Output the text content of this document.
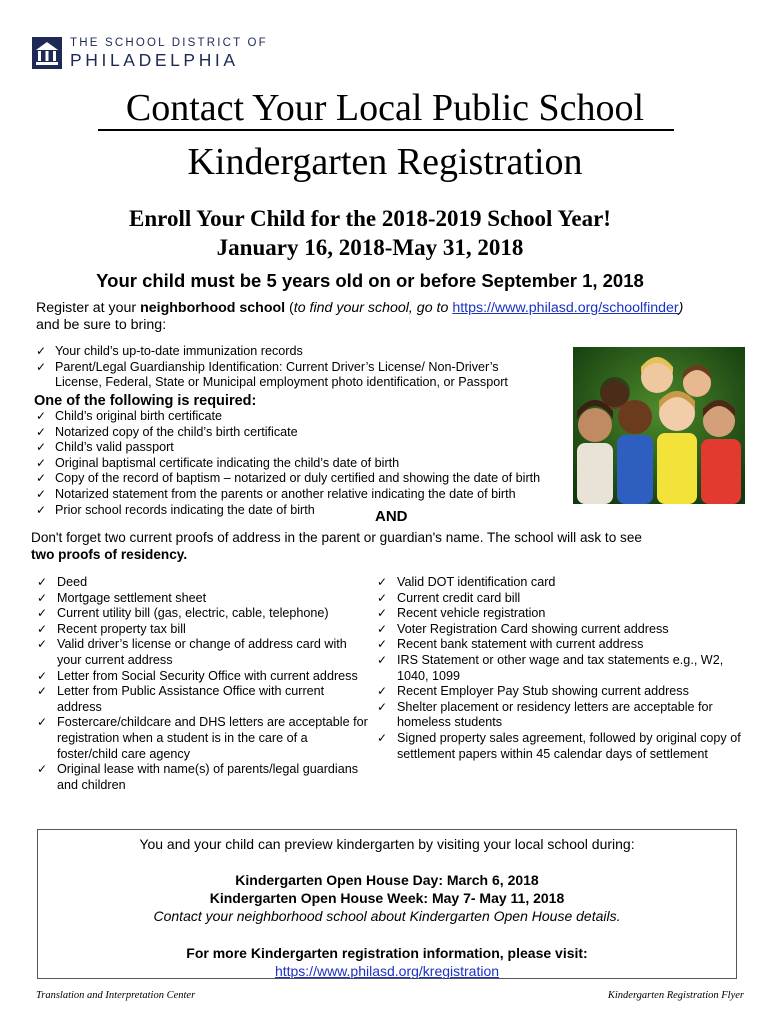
THE SCHOOL DISTRICT OF
PHILADELPHIA
Contact Your Local Public School
Kindergarten Registration
Enroll Your Child for the 2018-2019 School Year!
January 16, 2018-May 31, 2018
Your child must be 5 years old on or before September 1, 2018
Register at your neighborhood school (to find your school, go to https://www.philasd.org/schoolfinder)
and be sure to bring:
✓ Your child’s up-to-date immunization records
✓ Parent/Legal Guardianship Identification: Current Driver’s License/ Non-Driver’s
License, Federal, State or Municipal employment photo identification, or Passport
One of the following is required:
✓ Child’s original birth certificate
✓ Notarized copy of the child’s birth certificate
✓ Child’s valid passport
✓ Original baptismal certificate indicating the child’s date of birth
✓ Copy of the record of baptism – notarized or duly certified and showing the date of birth
✓ Notarized statement from the parents or another relative indicating the date of birth
✓ Prior school records indicating the date of birth	AND
Don't forget two current proofs of address in the parent or guardian's name. The school will ask to see
two proofs of residency.
✓ Deed
✓ Mortgage settlement sheet
✓ Current utility bill (gas, electric, cable, telephone)
✓ Recent property tax bill
✓ Valid driver’s license or change of address card with your current address
✓ Letter from Social Security Office with current address
✓ Letter from Public Assistance Office with current address
✓ Fostercare/childcare and DHS letters are acceptable for registration when a student is in the care of a foster/child care agency
✓ Original lease with name(s) of parents/legal guardians and children
✓ Valid DOT identification card
✓ Current credit card bill
✓ Recent vehicle registration
✓ Voter Registration Card showing current address
✓ Recent bank statement with current address
✓ IRS Statement or other wage and tax statements e.g., W2, 1040, 1099
✓ Recent Employer Pay Stub showing current address
✓ Shelter placement or residency letters are acceptable for homeless students
✓ Signed property sales agreement, followed by original copy of settlement papers within 45 calendar days of settlement
You and your child can preview kindergarten by visiting your local school during:
Kindergarten Open House Day: March 6, 2018
Kindergarten Open House Week: May 7- May 11, 2018
Contact your neighborhood school about Kindergarten Open House details.
For more Kindergarten registration information, please visit:
https://www.philasd.org/kregistration
Translation and Interpretation Center	Kindergarten Registration Flyer
